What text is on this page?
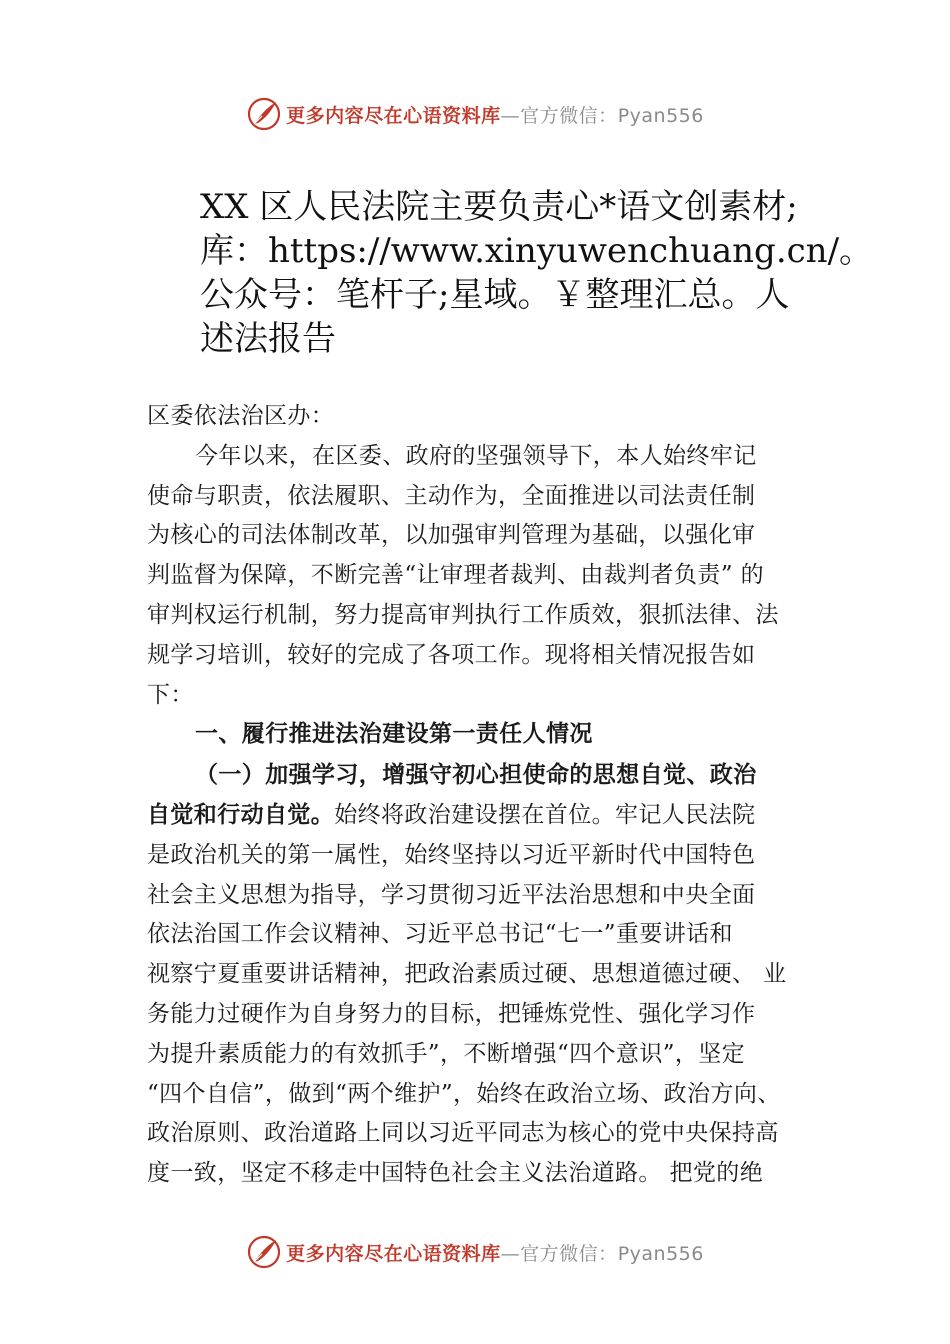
更多内容尽在心语资料库—官方微信：Pyan556
XX 区人民法院主要负责心*语文创素材;
库：https://www.xinyuwenchuang.cn/。
公众号：笔杆子;星域。￥整理汇总。人
述法报告
区委依法治区办：
今年以来，在区委、政府的坚强领导下，本人始终牢记
使命与职责，依法履职、主动作为，全面推进以司法责任制
为核心的司法体制改革，以加强审判管理为基础，以强化审
判监督为保障，不断完善“让审理者裁判、由裁判者负责” 的
审判权运行机制，努力提高审判执行工作质效，狠抓法律、法
规学习培训，较好的完成了各项工作。现将相关情况报告如
下：
一、履行推进法治建设第一责任人情况
（一）加强学习，增强守初心担使命的思想自觉、政治
自觉和行动自觉。始终将政治建设摆在首位。牢记人民法院
是政治机关的第一属性，始终坚持以习近平新时代中国特色
社会主义思想为指导，学习贯彻习近平法治思想和中央全面
依法治国工作会议精神、习近平总书记“七一”重要讲话和
视察宁夏重要讲话精神，把政治素质过硬、思想道德过硬、 业
务能力过硬作为自身努力的目标，把锤炼党性、强化学习作
为提升素质能力的有效抓手”，不断增强“四个意识”，坚定
“四个自信”，做到“两个维护”，始终在政治立场、政治方向、
政治原则、政治道路上同以习近平同志为核心的党中央保持高
度一致，坚定不移走中国特色社会主义法治道路。 把党的绝
更多内容尽在心语资料库—官方微信：Pyan556
